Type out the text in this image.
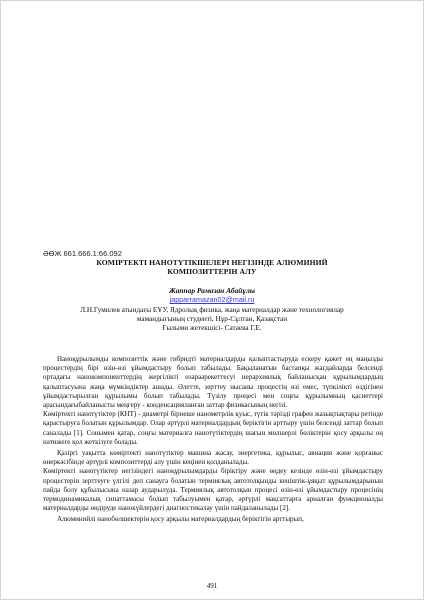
ӘӨЖ 661.666.1:66.092
КОМІРТЕКТІ НАНОТҮТІКШЕЛЕРІ НЕГІЗІНДЕ АЛЮМИНИЙ
КОМПОЗИТТЕРІН АЛУ
Жаппар Рамазан Абайұлы
japparramazan02@mail.ru
Л.Н.Гумилев атындағы ЕҰУ, Ядролық физика, жаңа материалдар және технологиялар
мамандығының студенті, Нұр-Сұлтан, Қазақстан
Ғылыми жетекшісі- Сатаева Г.Е.

Наноқұрылымды композиттік және гибридті материалдарды қалыптастыруда ескеру қажет ең маңызды процестердің бірі өзін-өзі ұйымдастыру болып табылады. Бақыланатын бастапқы жағдайларда белсенді ортадағы нанокомпоненттердің жергілікті өзараәрекеттесуі иерархиялық байланысқан құрылымдардың қалыптасуына жаңа мүмкіндіктер ашады. Әлетте, зерттеу нысаны процестің өзі емес, түпкілікті өздігінен ұйымдастырылған құрылымы болып табылады. Түзілу процесі мен соңғы құрылымның қасиеттері арасындағыбайланысты меңгеру - конденсацияланған заттар физикасының негізі.

Көміртекті нанотүтіктер (КНТ) - диаметрі бірнеше нанометрлік қуыс, түтік тәрізді графен жазықтықтары ретінде қарастыруға болатын құрылымдар. Олар әртүрлі материалдардың беріктігін арттыру үшін белсенді заттар болып саналады [1]. Сонымен қатар, соңғы материалға нанотүтіктердің шағын мөлшерлі бөліктерін қосу арқылы оң нәтижеге қол жеткізуге болады.

Қазіргі уақытта көміртекті нанотүтіктер машина жасау, энергетика, құрылыс, авиация және қорғаныс өнеркәсібінде әртүрлі композиттерді алу үшін кеңінен қолданылады.

Көміртекті нанотүтіктер негізіндегі наноқұрылымдарды біріктіру және өңдеу кезінде өзін-өзі ұйымдастыру процестерін зерттеуге үлгілі деп санауға болатын термиялық автотолқынды кеніштік-ұяқыт құрылымдарынын пайда болу құбылысына назар аударылуда. Термиялық автотолқын процесі өзін-өзі ұйымдастыру процесінің термодинамикалық сипаттамасы болып табылуымен қатар, әртүрлі мақсаттарға арналған функционалды материалдарды өндіруде нанокүйлердегі диагностикалау үшін пайдаланылады [2].

Алюминийлі нанобөлшектерін қосу арқылы материалдардың беріктігін арттырып,

491
